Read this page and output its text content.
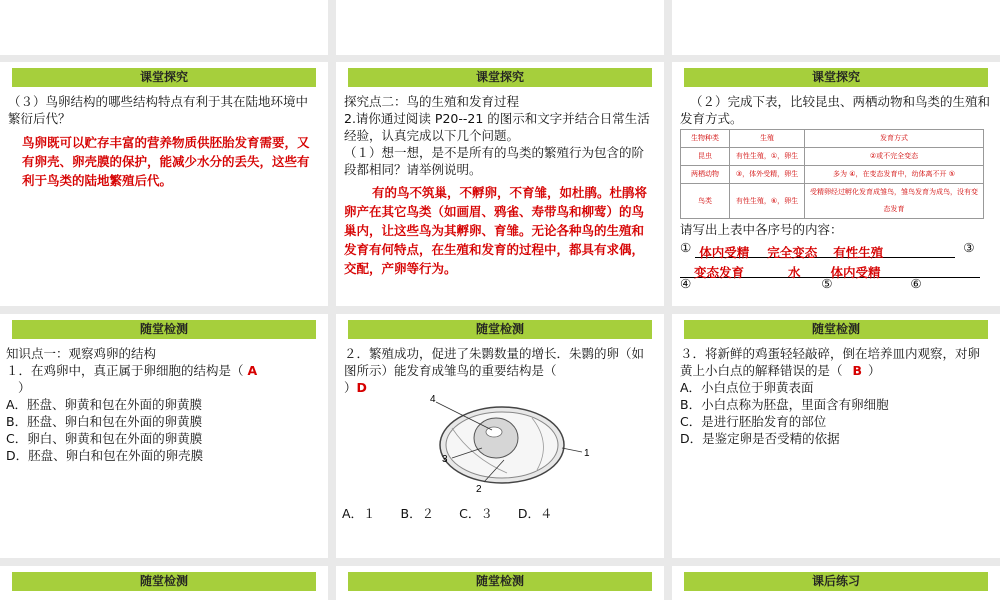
课堂探究

（３）鸟卵结构的哪些结构特点有利于其在陆地环境中繁衍后代？

鸟卵既可以贮存丰富的营养物质供胚胎发育需要，又有卵壳、卵壳膜的保护，能减少水分的丢失，这些有利于鸟类的陆地繁殖后代。

课堂探究

探究点二：鸟的生殖和发育过程

2.请你通过阅读 P20--21 的图示和文字并结合日常生活经验，认真完成以下几个问题。

（１）想一想，是不是所有的鸟类的繁殖行为包含的阶段都相同？请举例说明。

有的鸟不筑巢，不孵卵，不育雏，如杜鹃。杜鹃将卵产在其它鸟类（如画眉、鸦雀、寿带鸟和柳莺）的鸟巢内，让这些鸟为其孵卵、育雏。无论各种鸟的生殖和发育有何特点，在生殖和发育的过程中，都具有求偶，交配，产卵等行为。

课堂探究

（２）完成下表，比较昆虫、两栖动物和鸟类的生殖和发育方式。

生物种类	生殖	发育方式
昆虫	有性生殖，①，卵生	②或不完全变态
两栖动物	③，体外受精，卵生	多为 ④，在变态发育中，幼体离不开 ⑤
鸟类	有性生殖，⑥，卵生	受精卵经过孵化发育成雏鸟，雏鸟发育为成鸟，没有变态发育

请写出上表中各序号的内容：

① 体内受精 完全变态 有性生殖	③
变态发育	水 体内受精
④	⑤	⑥
随堂检测

知识点一：观察鸡卵的结构

１．在鸡卵中，真正属于卵细胞的结构是（ A

）

A．胚盘、卵黄和包在外面的卵黄膜

B．胚盘、卵白和包在外面的卵黄膜

C．卵白、卵黄和包在外面的卵黄膜

D．胚盘、卵白和包在外面的卵壳膜

随堂检测

２．繁殖成功，促进了朱鹮数量的增长．朱鹮的卵（如图所示）能发育成雏鸟的重要结构是（

）D

4
1
3
2

A．１　　B．２　　C．３　　D．４

随堂检测

３．将新鲜的鸡蛋轻轻敲碎，倒在培养皿内观察，对卵黄上小白点的解释错误的是（ B ）

A．小白点位于卵黄表面

B．小白点称为胚盘，里面含有卵细胞

C．是进行胚胎发育的部位

D．是鉴定卵是否受精的依据

随堂检测	随堂检测	课后练习
